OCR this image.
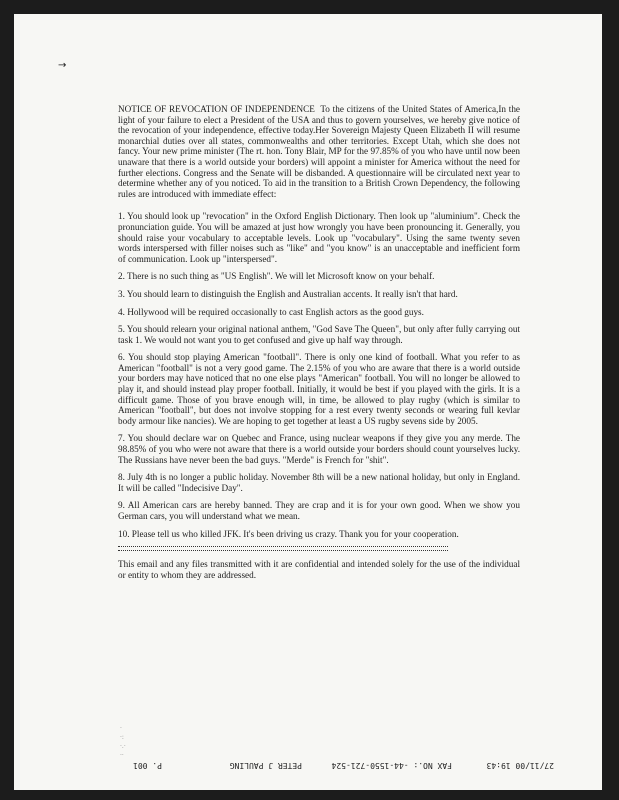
→

NOTICE OF REVOCATION OF INDEPENDENCE To the citizens of the United States of America,In the light of your failure to elect a President of the USA and thus to govern yourselves, we hereby give notice of the revocation of your independence, effective today.Her Sovereign Majesty Queen Elizabeth II will resume monarchial duties over all states, commonwealths and other territories. Except Utah, which she does not fancy. Your new prime minister (The rt. hon. Tony Blair, MP for the 97.85% of you who have until now been unaware that there is a world outside your borders) will appoint a minister for America without the need for further elections. Congress and the Senate will be disbanded. A questionnaire will be circulated next year to determine whether any of you noticed. To aid in the transition to a British Crown Dependency, the following rules are introduced with immediate effect:

1. You should look up "revocation" in the Oxford English Dictionary. Then look up "aluminium". Check the pronunciation guide. You will be amazed at just how wrongly you have been pronouncing it. Generally, you should raise your vocabulary to acceptable levels. Look up "vocabulary". Using the same twenty seven words interspersed with filler noises such as "like" and "you know" is an unacceptable and inefficient form of communication. Look up "interspersed".

2. There is no such thing as "US English". We will let Microsoft know on your behalf.

3. You should learn to distinguish the English and Australian accents. It really isn't that hard.

4. Hollywood will be required occasionally to cast English actors as the good guys.

5. You should relearn your original national anthem, "God Save The Queen", but only after fully carrying out task 1. We would not want you to get confused and give up half way through.

6. You should stop playing American "football". There is only one kind of football. What you refer to as American "football" is not a very good game. The 2.15% of you who are aware that there is a world outside your borders may have noticed that no one else plays "American" football. You will no longer be allowed to play it, and should instead play proper football. Initially, it would be best if you played with the girls. It is a difficult game. Those of you brave enough will, in time, be allowed to play rugby (which is similar to American "football", but does not involve stopping for a rest every twenty seconds or wearing full kevlar body armour like nancies). We are hoping to get together at least a US rugby sevens side by 2005.

7. You should declare war on Quebec and France, using nuclear weapons if they give you any merde. The 98.85% of you who were not aware that there is a world outside your borders should count yourselves lucky. The Russians have never been the bad guys. "Merde" is French for "shit".

8. July 4th is no longer a public holiday. November 8th will be a new national holiday, but only in England. It will be called "Indecisive Day".

9. All American cars are hereby banned. They are crap and it is for your own good. When we show you German cars, you will understand what we mean.

10. Please tell us who killed JFK. It's been driving us crazy. Thank you for your cooperation.

This email and any files transmitted with it are confidential and intended solely for the use of the individual or entity to whom they are addressed.

·
·:
·.·
··
27/11/00 19:43
FAX NO.: -44-1550-721-524
PETER J PAULING
P. 001
